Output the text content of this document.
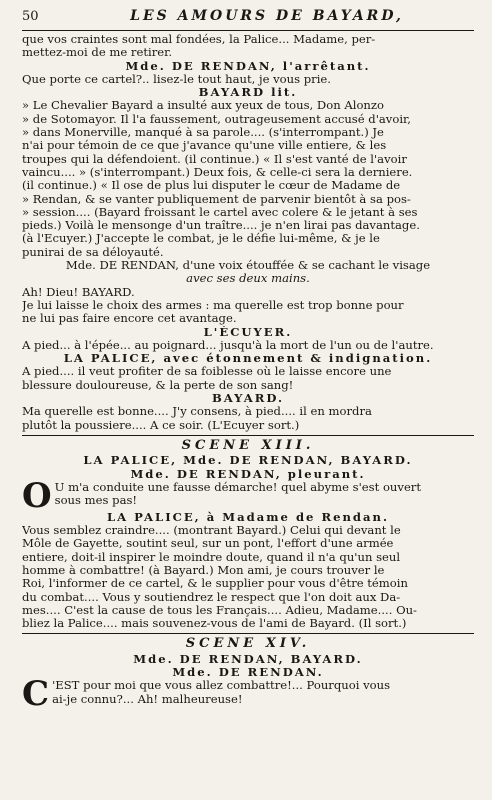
50	LES AMOURS DE BAYARD,
que vos craintes sont mal fondées, la Palice... Madame, per-
mettez-moi de me retirer.
Mde. DE RENDAN, l'arrêtant.
Que porte ce cartel?.. lisez-le tout haut, je vous prie.
BAYARD lit.
» Le Chevalier Bayard a insulté aux yeux de tous, Don Alonzo
» de Sotomayor. Il l'a faussement, outrageusement accusé d'avoir,
» dans Monerville, manqué à sa parole.... (s'interrompant.) Je
n'ai pour témoin de ce que j'avance qu'une ville entiere, & les
troupes qui la défendoient. (il continue.) « Il s'est vanté de l'avoir
vaincu.... » (s'interrompant.) Deux fois, & celle-ci sera la derniere.
(il continue.) « Il ose de plus lui disputer le cœur de Madame de
» Rendan, & se vanter publiquement de parvenir bientôt à sa pos-
» session.... (Bayard froissant le cartel avec colere & le jetant à ses
pieds.) Voilà le mensonge d'un traître.... je n'en lirai pas davantage.
(à l'Ecuyer.) J'accepte le combat, je le défie lui-même, & je le
punirai de sa déloyauté.
Mde. DE RENDAN, d'une voix étouffée & se cachant le visage
avec ses deux mains.
Ah! Dieu! BAYARD.
Je lui laisse le choix des armes : ma querelle est trop bonne pour
ne lui pas faire encore cet avantage.
L'ÉCUYER.
A pied... à l'épée... au poignard... jusqu'à la mort de l'un ou de l'autre.
LA PALICE, avec étonnement & indignation.
A pied.... il veut profiter de sa foiblesse où le laisse encore une
blessure douloureuse, & la perte de son sang!
BAYARD.
Ma querelle est bonne.... J'y consens, à pied.... il en mordra
plutôt la poussiere.... A ce soir. (L'Ecuyer sort.)
SCENE XIII.
LA PALICE, Mde. DE RENDAN, BAYARD.
Mde. DE RENDAN, pleurant.
O U m'a conduite une fausse démarche! quel abyme s'est ouvert
sous mes pas!
LA PALICE, à Madame de Rendan.
Vous semblez craindre.... (montrant Bayard.) Celui qui devant le
Môle de Gayette, soutint seul, sur un pont, l'effort d'une armée
entiere, doit-il inspirer le moindre doute, quand il n'a qu'un seul
homme à combattre! (à Bayard.) Mon ami, je cours trouver le
Roi, l'informer de ce cartel, & le supplier pour vous d'être témoin
du combat.... Vous y soutiendrez le respect que l'on doit aux Da-
mes.... C'est la cause de tous les Français.... Adieu, Madame.... Ou-
bliez la Palice.... mais souvenez-vous de l'ami de Bayard. (Il sort.)
SCENE XIV.
Mde. DE RENDAN, BAYARD.
Mde. DE RENDAN.
C 'EST pour moi que vous allez combattre!... Pourquoi vous
ai-je connu?... Ah! malheureuse!
